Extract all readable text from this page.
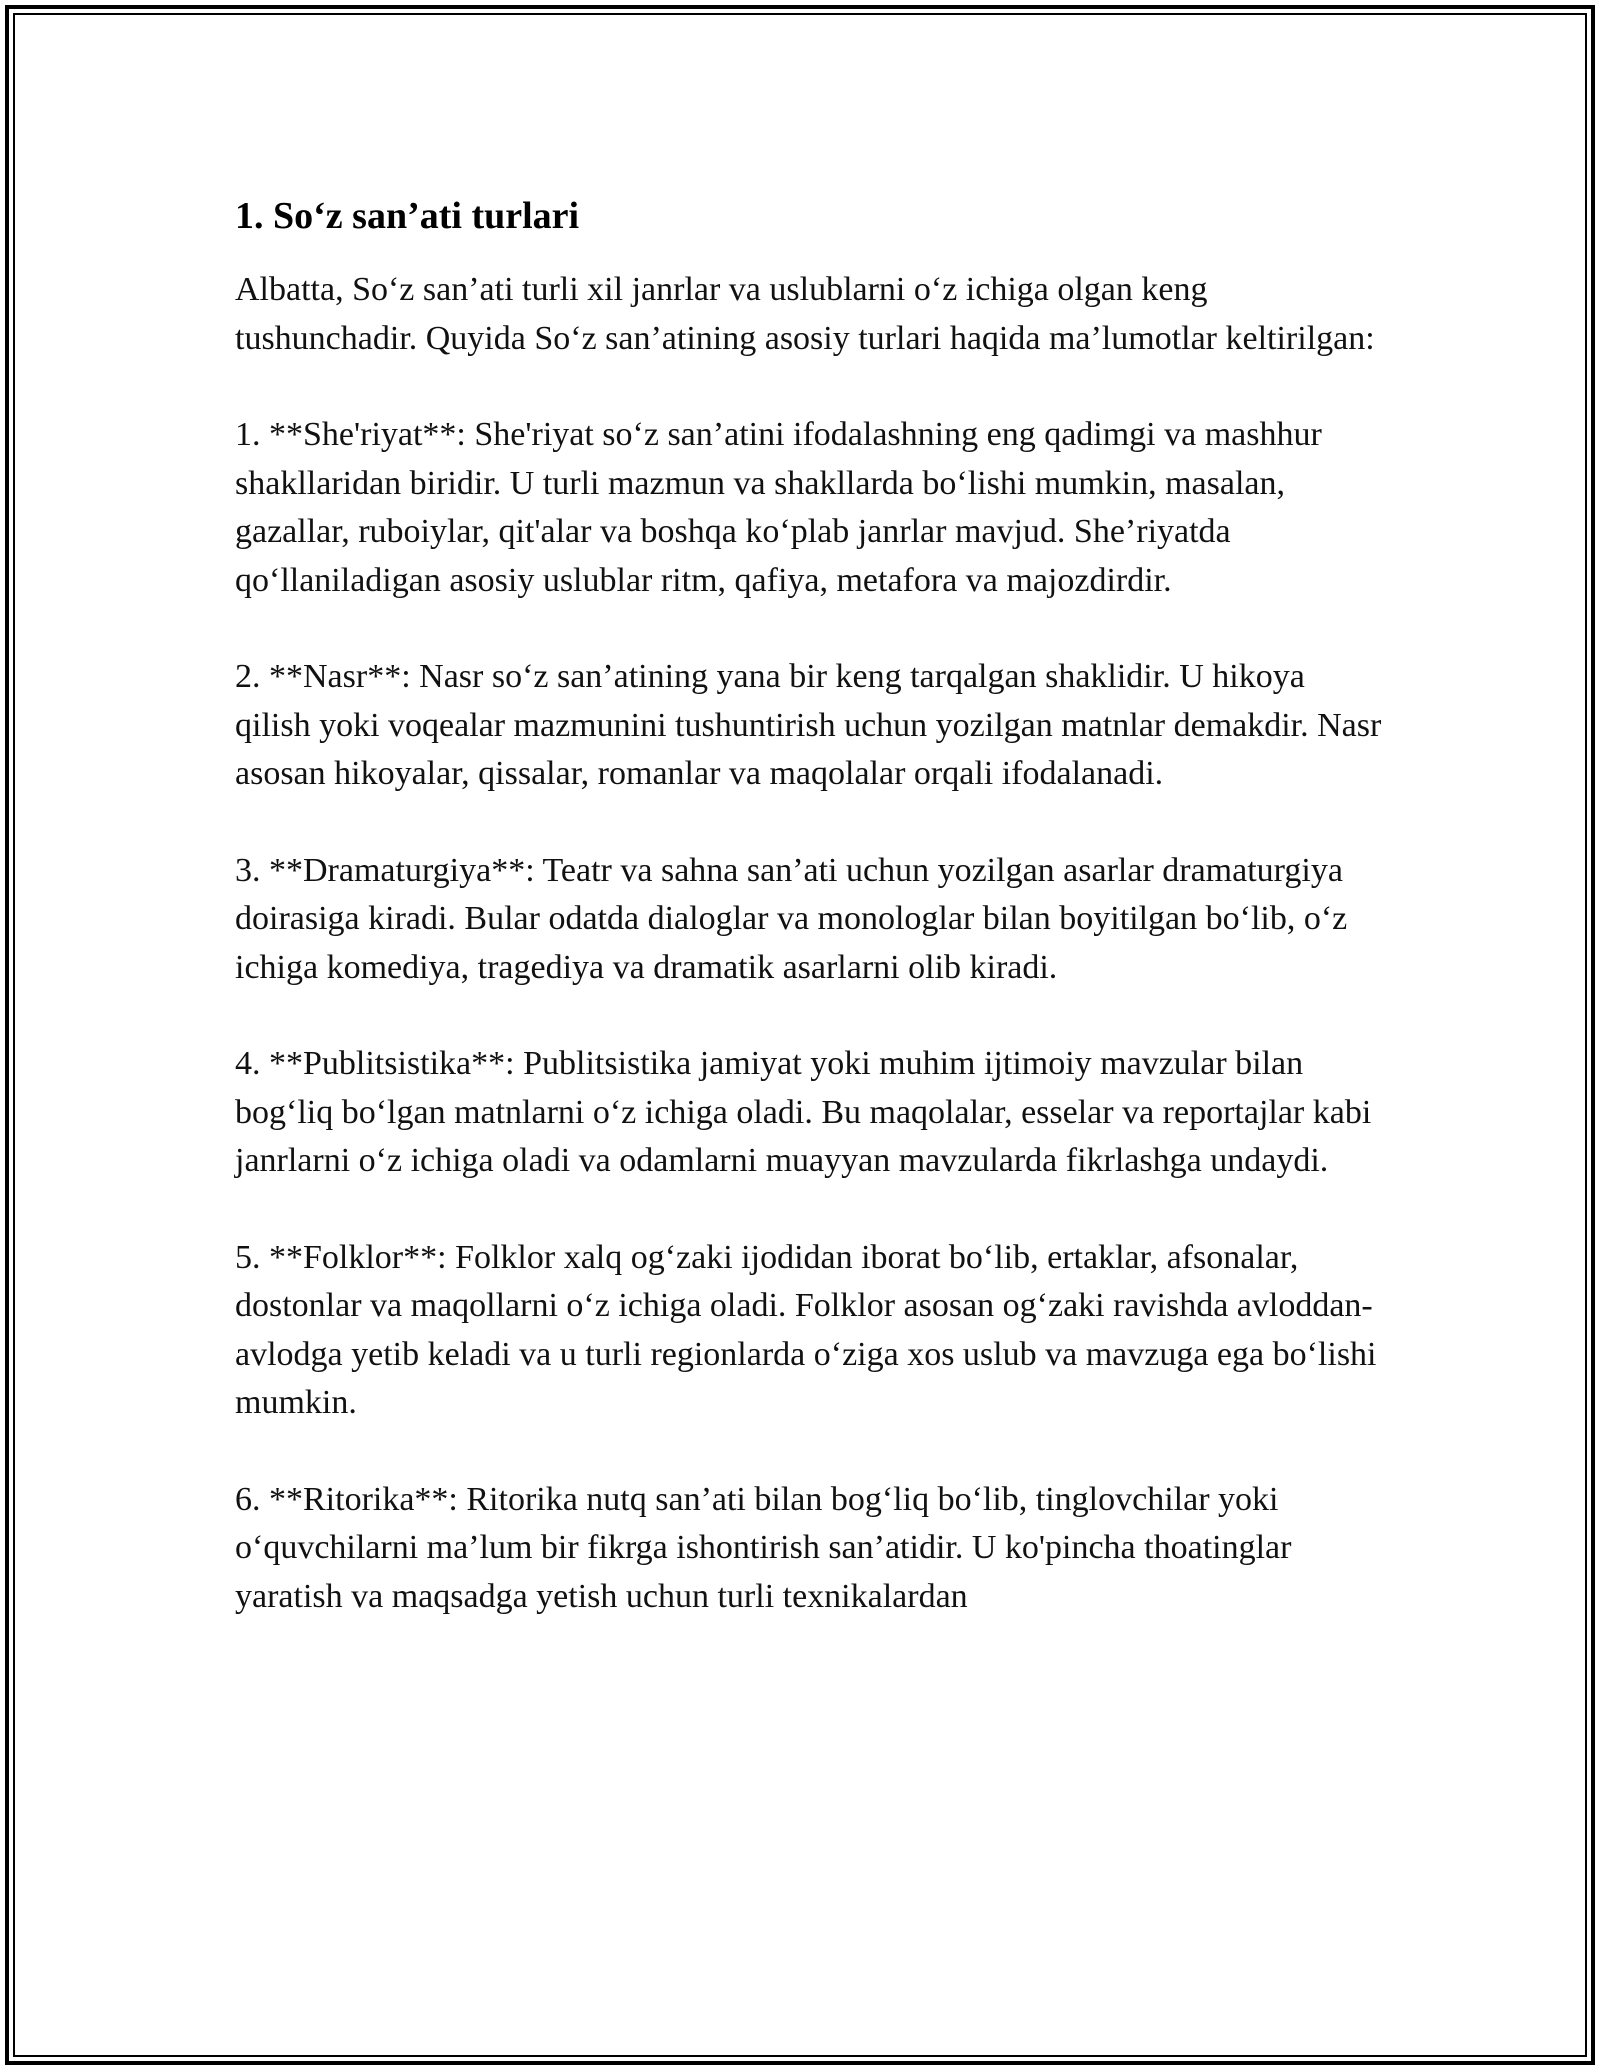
1. So‘z san’ati turlari

Albatta, So‘z san’ati turli xil janrlar va uslublarni o‘z ichiga olgan keng tushunchadir. Quyida So‘z san’atining asosiy turlari haqida ma’lumotlar keltirilgan:

1. **She'riyat**: She'riyat so‘z san’atini ifodalashning eng qadimgi va mashhur shakllaridan biridir. U turli mazmun va shakllarda bo‘lishi mumkin, masalan, gazallar, ruboiylar, qit'alar va boshqa ko‘plab janrlar mavjud. She’riyatda qo‘llaniladigan asosiy uslublar ritm, qafiya, metafora va majozdirdir.

2. **Nasr**: Nasr so‘z san’atining yana bir keng tarqalgan shaklidir. U hikoya qilish yoki voqealar mazmunini tushuntirish uchun yozilgan matnlar demakdir. Nasr asosan hikoyalar, qissalar, romanlar va maqolalar orqali ifodalanadi.

3. **Dramaturgiya**: Teatr va sahna san’ati uchun yozilgan asarlar dramaturgiya doirasiga kiradi. Bular odatda dialoglar va monologlar bilan boyitilgan bo‘lib, o‘z ichiga komediya, tragediya va dramatik asarlarni olib kiradi.

4. **Publitsistika**: Publitsistika jamiyat yoki muhim ijtimoiy mavzular bilan bog‘liq bo‘lgan matnlarni o‘z ichiga oladi. Bu maqolalar, esselar va reportajlar kabi janrlarni o‘z ichiga oladi va odamlarni muayyan mavzularda fikrlashga undaydi.

5. **Folklor**: Folklor xalq og‘zaki ijodidan iborat bo‘lib, ertaklar, afsonalar, dostonlar va maqollarni o‘z ichiga oladi. Folklor asosan og‘zaki ravishda avloddan-avlodga yetib keladi va u turli regionlarda o‘ziga xos uslub va mavzuga ega bo‘lishi mumkin.

6. **Ritorika**: Ritorika nutq san’ati bilan bog‘liq bo‘lib, tinglovchilar yoki o‘quvchilarni ma’lum bir fikrga ishontirish san’atidir. U ko'pincha thoatinglar yaratish va maqsadga yetish uchun turli texnikalardan
